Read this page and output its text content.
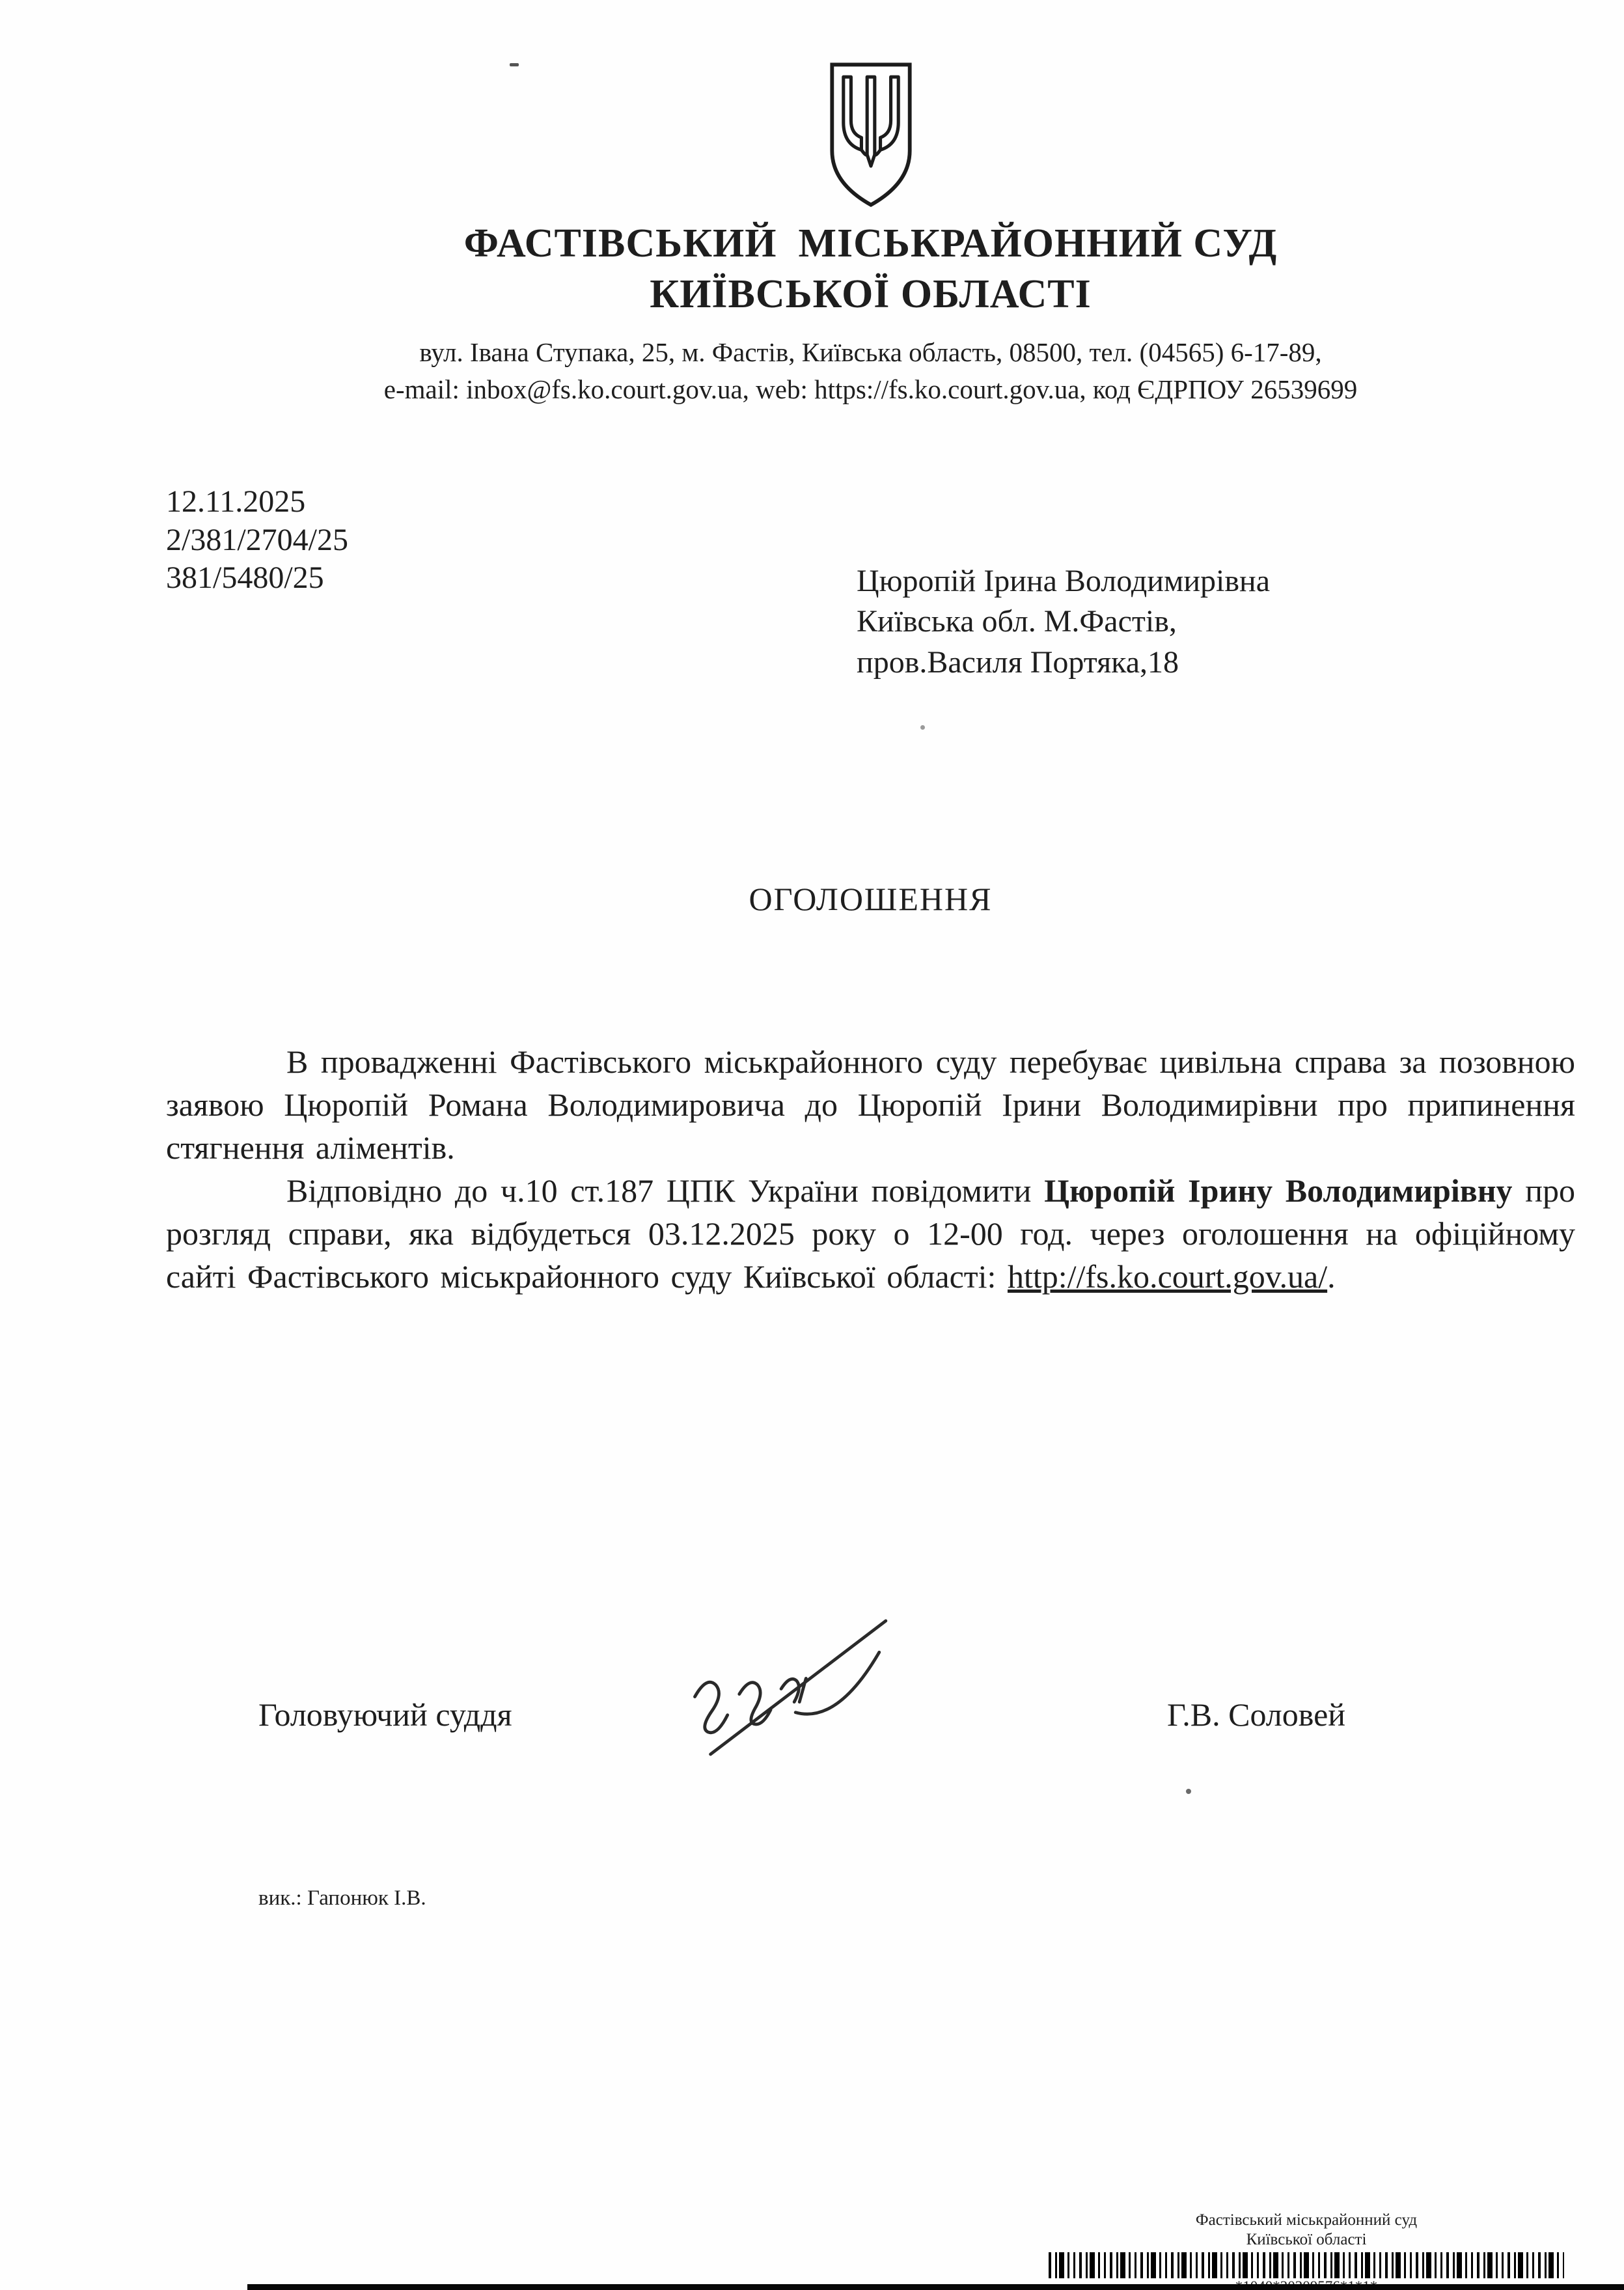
ФАСТІВСЬКИЙ  МІСЬКРАЙОННИЙ СУД
КИЇВСЬКОЇ ОБЛАСТІ
вул. Івана Ступака, 25, м. Фастів, Київська область, 08500, тел. (04565) 6-17-89,
e-mail: inbox@fs.ko.court.gov.ua, web: https://fs.ko.court.gov.ua, код ЄДРПОУ 26539699
12.11.2025
2/381/2704/25
381/5480/25	Цюропій Ірина Володимирівна
Київська обл. М.Фастів,
пров.Василя Портяка,18
ОГОЛОШЕННЯ

В провадженні Фастівського міськрайонного суду перебуває цивільна справа за позовною заявою Цюропій Романа Володимировича до Цюропій Ірини Володимирівни про припинення стягнення аліментів.

Відповідно до ч.10 ст.187 ЦПК України повідомити Цюропій Ірину Володимирівну про розгляд справи, яка відбудеться 03.12.2025 року о 12-00 год. через оголошення на офіційному сайті Фастівського міськрайонного суду Київської області: http://fs.ko.court.gov.ua/.

Головуючий суддя	Г.В. Соловей
вик.: Гапонюк І.В.
Фастівський міськрайонний суд
Київської області
